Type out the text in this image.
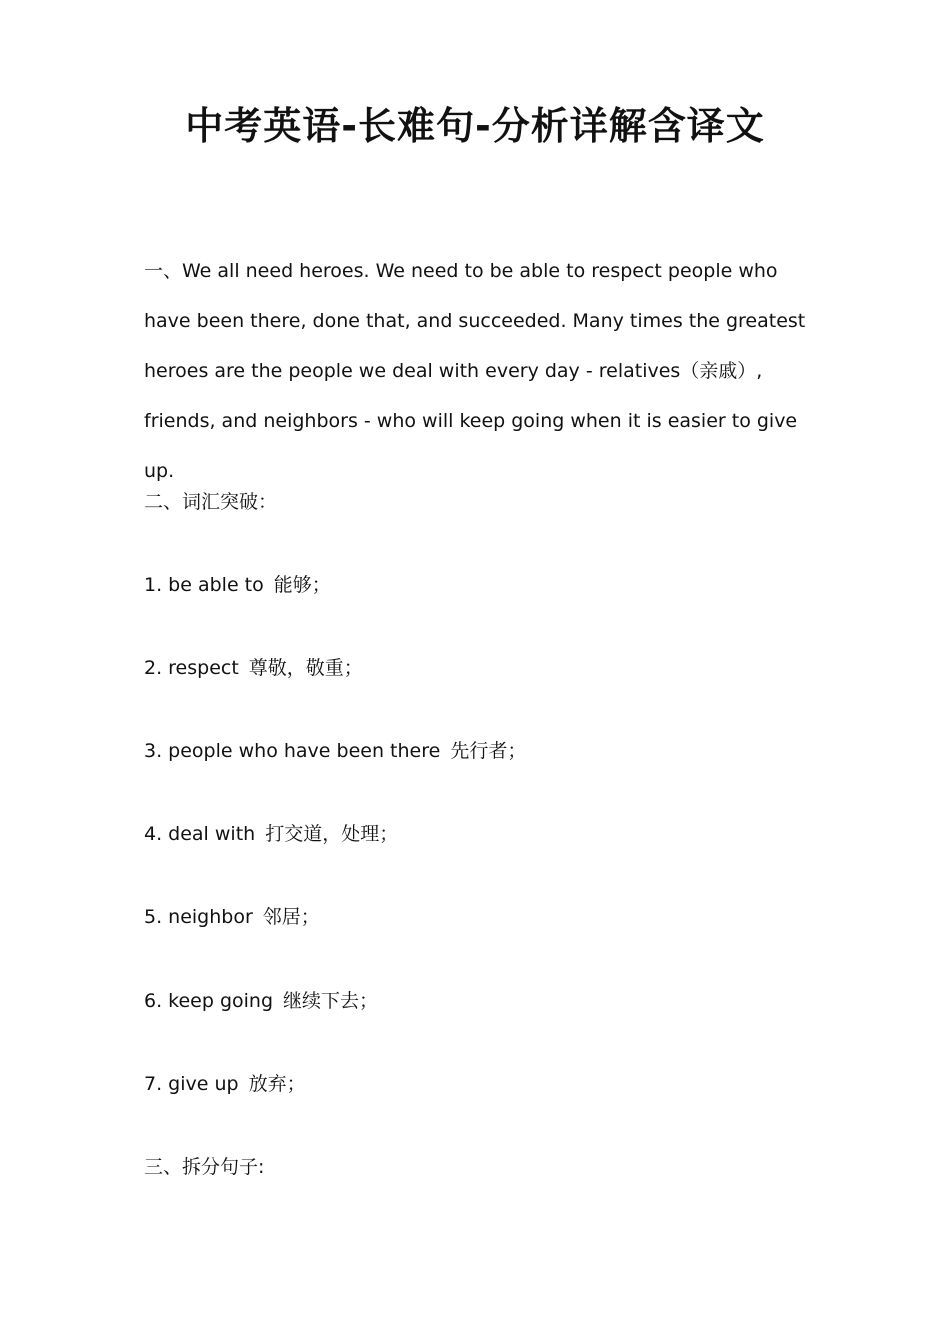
中考英语-长难句-分析详解含译文
一、We all need heroes. We need to be able to respect people who have been there, done that, and succeeded. Many times the greatest heroes are the people we deal with every day - relatives（亲戚）, friends, and neighbors - who will keep going when it is easier to give up.
二、词汇突破：
1. be able to 能够；
2. respect 尊敬，敬重；
3. people who have been there 先行者；
4. deal with 打交道，处理；
5. neighbor 邻居；
6. keep going 继续下去；
7. give up 放弃；
三、拆分句子:
